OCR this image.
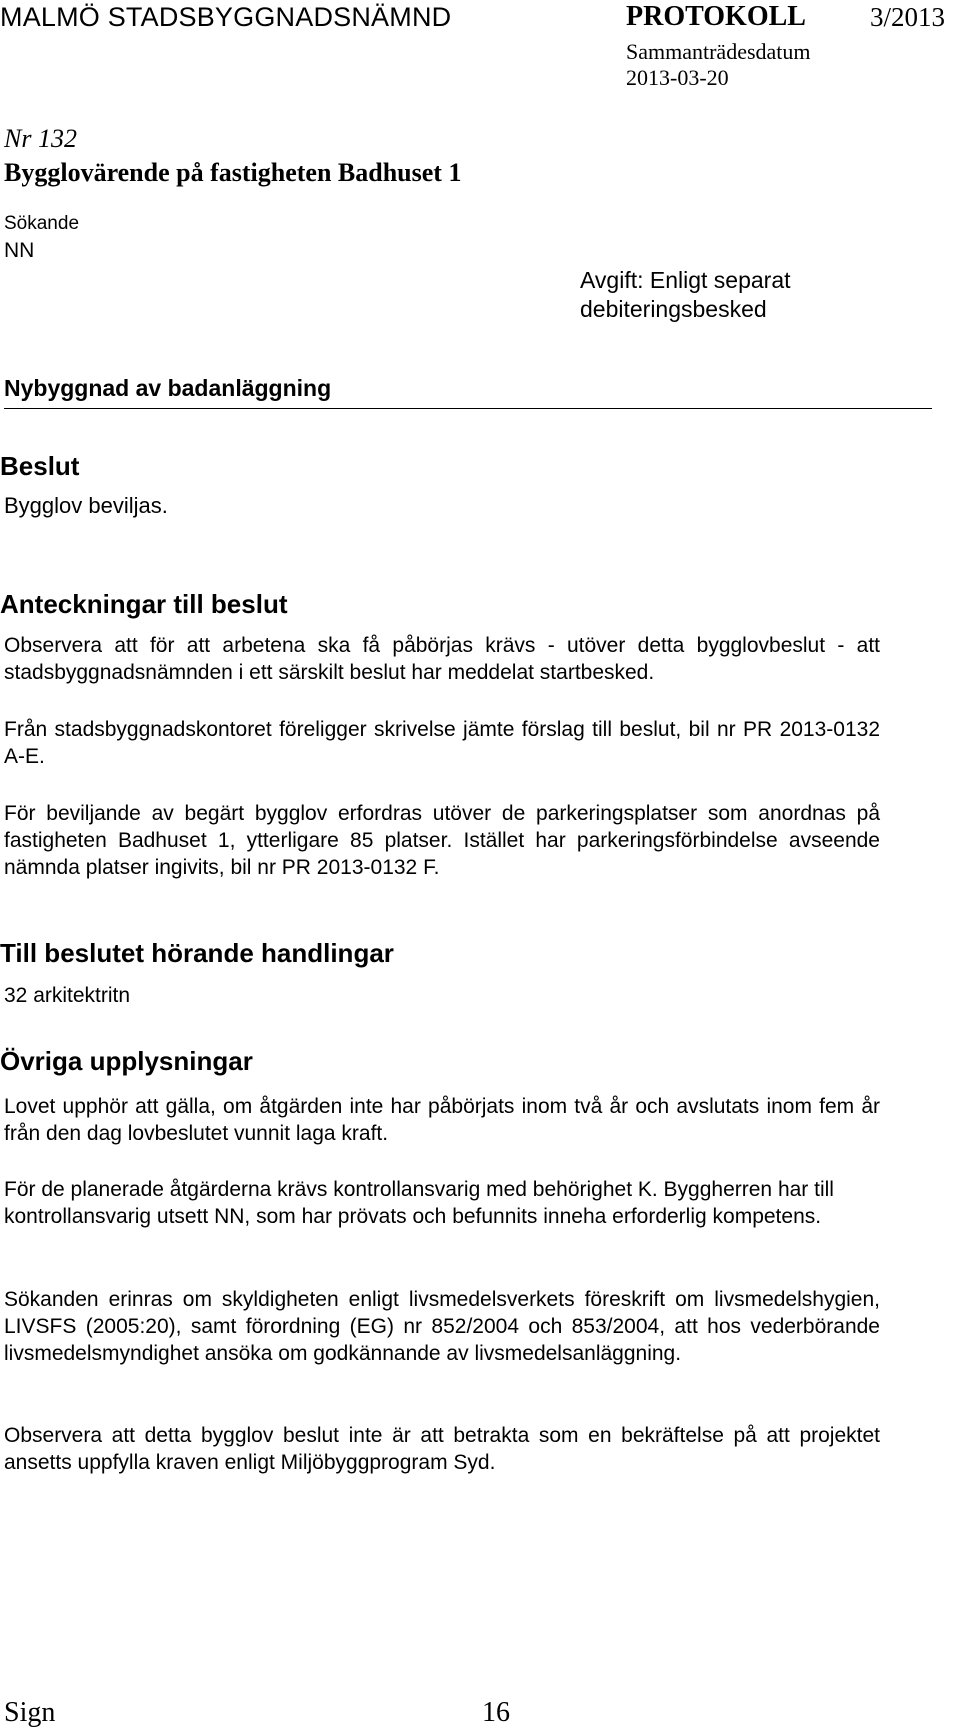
MALMÖ STADSBYGGNADSNÄMND	PROTOKOLL 3/2013
Sammanträdesdatum
2013-03-20
Nr 132
Bygglovärende på fastigheten Badhuset 1
Sökande
NN
Avgift: Enligt separat
debiteringsbesked
Nybyggnad av badanläggning
Beslut
Bygglov beviljas.
Anteckningar till beslut

Observera att för att arbetena ska få påbörjas krävs - utöver detta bygglovbeslut - att stadsbyggnadsnämnden i ett särskilt beslut har meddelat startbesked.

Från stadsbyggnadskontoret föreligger skrivelse jämte förslag till beslut, bil nr PR 2013-0132 A-E.

För beviljande av begärt bygglov erfordras utöver de parkeringsplatser som anordnas på fastigheten Badhuset 1, ytterligare 85 platser. Istället har parkeringsförbindelse avseende nämnda platser ingivits, bil nr PR 2013-0132 F.

Till beslutet hörande handlingar
32 arkitektritn
Övriga upplysningar

Lovet upphör att gälla, om åtgärden inte har påbörjats inom två år och avslutats inom fem år från den dag lovbeslutet vunnit laga kraft.

För de planerade åtgärderna krävs kontrollansvarig med behörighet K. Byggherren har till kontrollansvarig utsett NN, som har prövats och befunnits inneha erforderlig kompetens.

Sökanden erinras om skyldigheten enligt livsmedelsverkets föreskrift om livsmedelshygien, LIVSFS (2005:20), samt förordning (EG) nr 852/2004 och 853/2004, att hos vederbörande livsmedelsmyndighet ansöka om godkännande av livsmedelsanläggning.

Observera att detta bygglov beslut inte är att betrakta som en bekräftelse på att projektet ansetts uppfylla kraven enligt Miljöbyggprogram Syd.

Sign	16
